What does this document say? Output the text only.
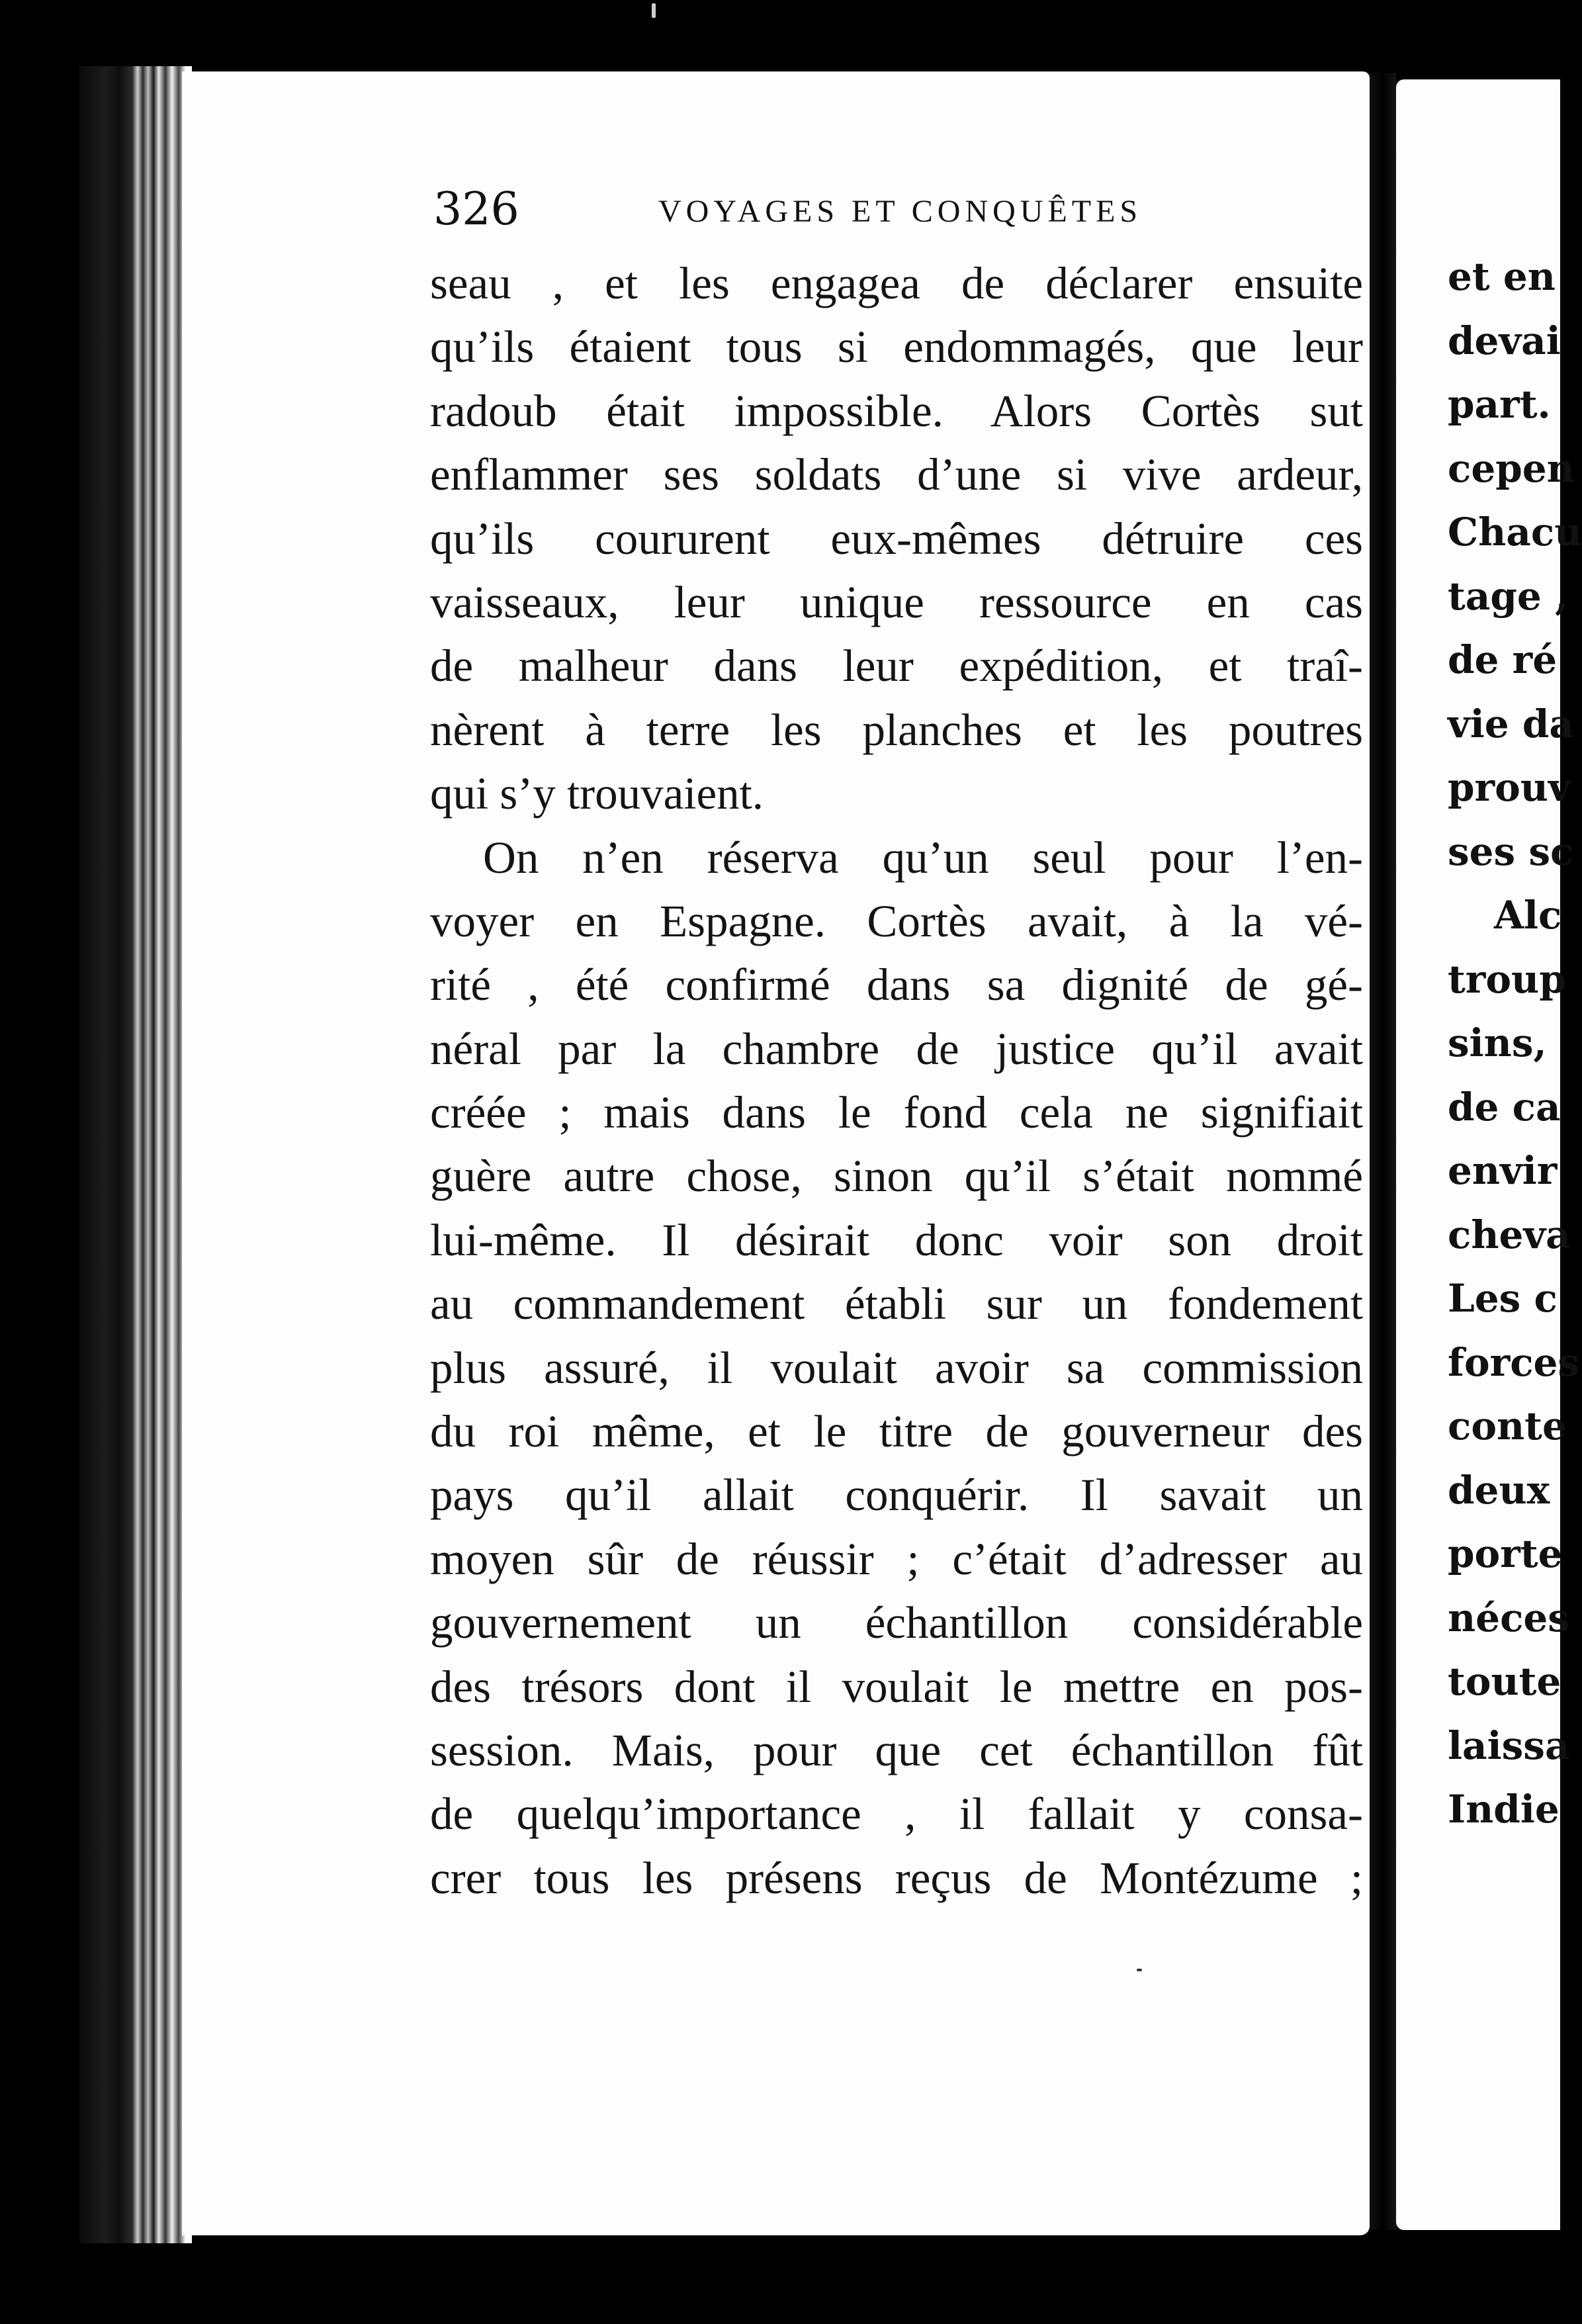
et en
devai
part.
cepen
Chacu
tage ,
de ré
vie da
prouv
ses sc
Alc
troup
sins,
de ca
envir
cheva
Les c
forces
conte
deux
porte
néces
toute
laissa
Indie
326	VOYAGES ET CONQUÊTES
seau , et les engagea de déclarer ensuite
qu’ils étaient tous si endommagés, que leur
radoub était impossible. Alors Cortès sut
enflammer ses soldats d’une si vive ardeur,
qu’ils coururent eux-mêmes détruire ces
vaisseaux, leur unique ressource en cas
de malheur dans leur expédition, et traî-
nèrent à terre les planches et les poutres
qui s’y trouvaient.
On n’en réserva qu’un seul pour l’en-
voyer en Espagne. Cortès avait, à la vé-
rité , été confirmé dans sa dignité de gé-
néral par la chambre de justice qu’il avait
créée ; mais dans le fond cela ne signifiait
guère autre chose, sinon qu’il s’était nommé
lui-même. Il désirait donc voir son droit
au commandement établi sur un fondement
plus assuré, il voulait avoir sa commission
du roi même, et le titre de gouverneur des
pays qu’il allait conquérir. Il savait un
moyen sûr de réussir ; c’était d’adresser au
gouvernement un échantillon considérable
des trésors dont il voulait le mettre en pos-
session. Mais, pour que cet échantillon fût
de quelqu’importance , il fallait y consa-
crer tous les présens reçus de Montézume ;
